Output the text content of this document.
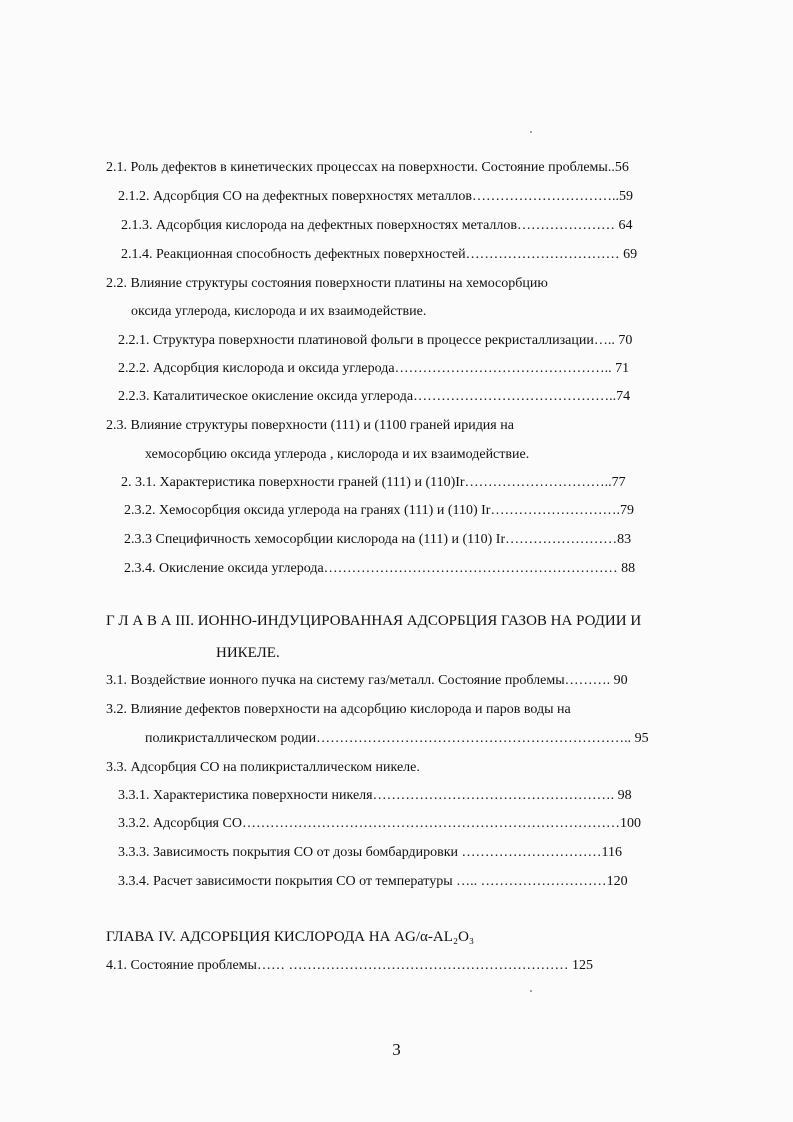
2.1. Роль дефектов в кинетических процессах на поверхности. Состояние проблемы..56
2.1.2. Адсорбция СО на дефектных поверхностях металлов…………………………..59
2.1.3. Адсорбция кислорода на дефектных поверхностях металлов………………… 64
2.1.4. Реакционная способность дефектных поверхностей…………………………… 69
2.2. Влияние структуры состояния поверхности платины на хемосорбцию
оксида углерода, кислорода и их взаимодействие.
2.2.1. Структура поверхности платиновой фольги в процессе рекристаллизации….. 70
2.2.2. Адсорбция кислорода и оксида углерода……………………………………….. 71
2.2.3. Каталитическое окисление оксида углерода……………………………………..74
2.3. Влияние структуры поверхности (111) и (1100 граней иридия на
хемосорбцию оксида углерода , кислорода и их взаимодействие.
2. 3.1. Характеристика поверхности граней (111) и (110)Ir…………………………..77
2.3.2. Хемосорбция оксида углерода на гранях (111) и (110) Ir……………………….79
2.3.3 Специфичность хемосорбции кислорода на (111) и (110) Ir……………………83
2.3.4. Окисление оксида углерода……………………………………………………… 88
Г Л А В А III. ИОННО-ИНДУЦИРОВАННАЯ АДСОРБЦИЯ ГАЗОВ НА РОДИИ И
НИКЕЛЕ.
3.1. Воздействие ионного пучка на систему газ/металл. Состояние проблемы………. 90
3.2. Влияние дефектов поверхности на адсорбцию кислорода и паров воды на
поликристаллическом родии………………………………………………………….. 95
3.3. Адсорбция СО на поликристаллическом никеле.
3.3.1. Характеристика поверхности никеля……………………………………………. 98
3.3.2. Адсорбция СО………………………………………………………………………100
3.3.3. Зависимость покрытия СО от дозы бомбардировки …………………………116
3.3.4. Расчет зависимости покрытия СО от температуры ….. ………………………120
ГЛАВА IV. АДСОРБЦИЯ КИСЛОРОДА НА AG/α-AL₂O₃
4.1. Состояние проблемы…… …………………………………………………… 125
3
